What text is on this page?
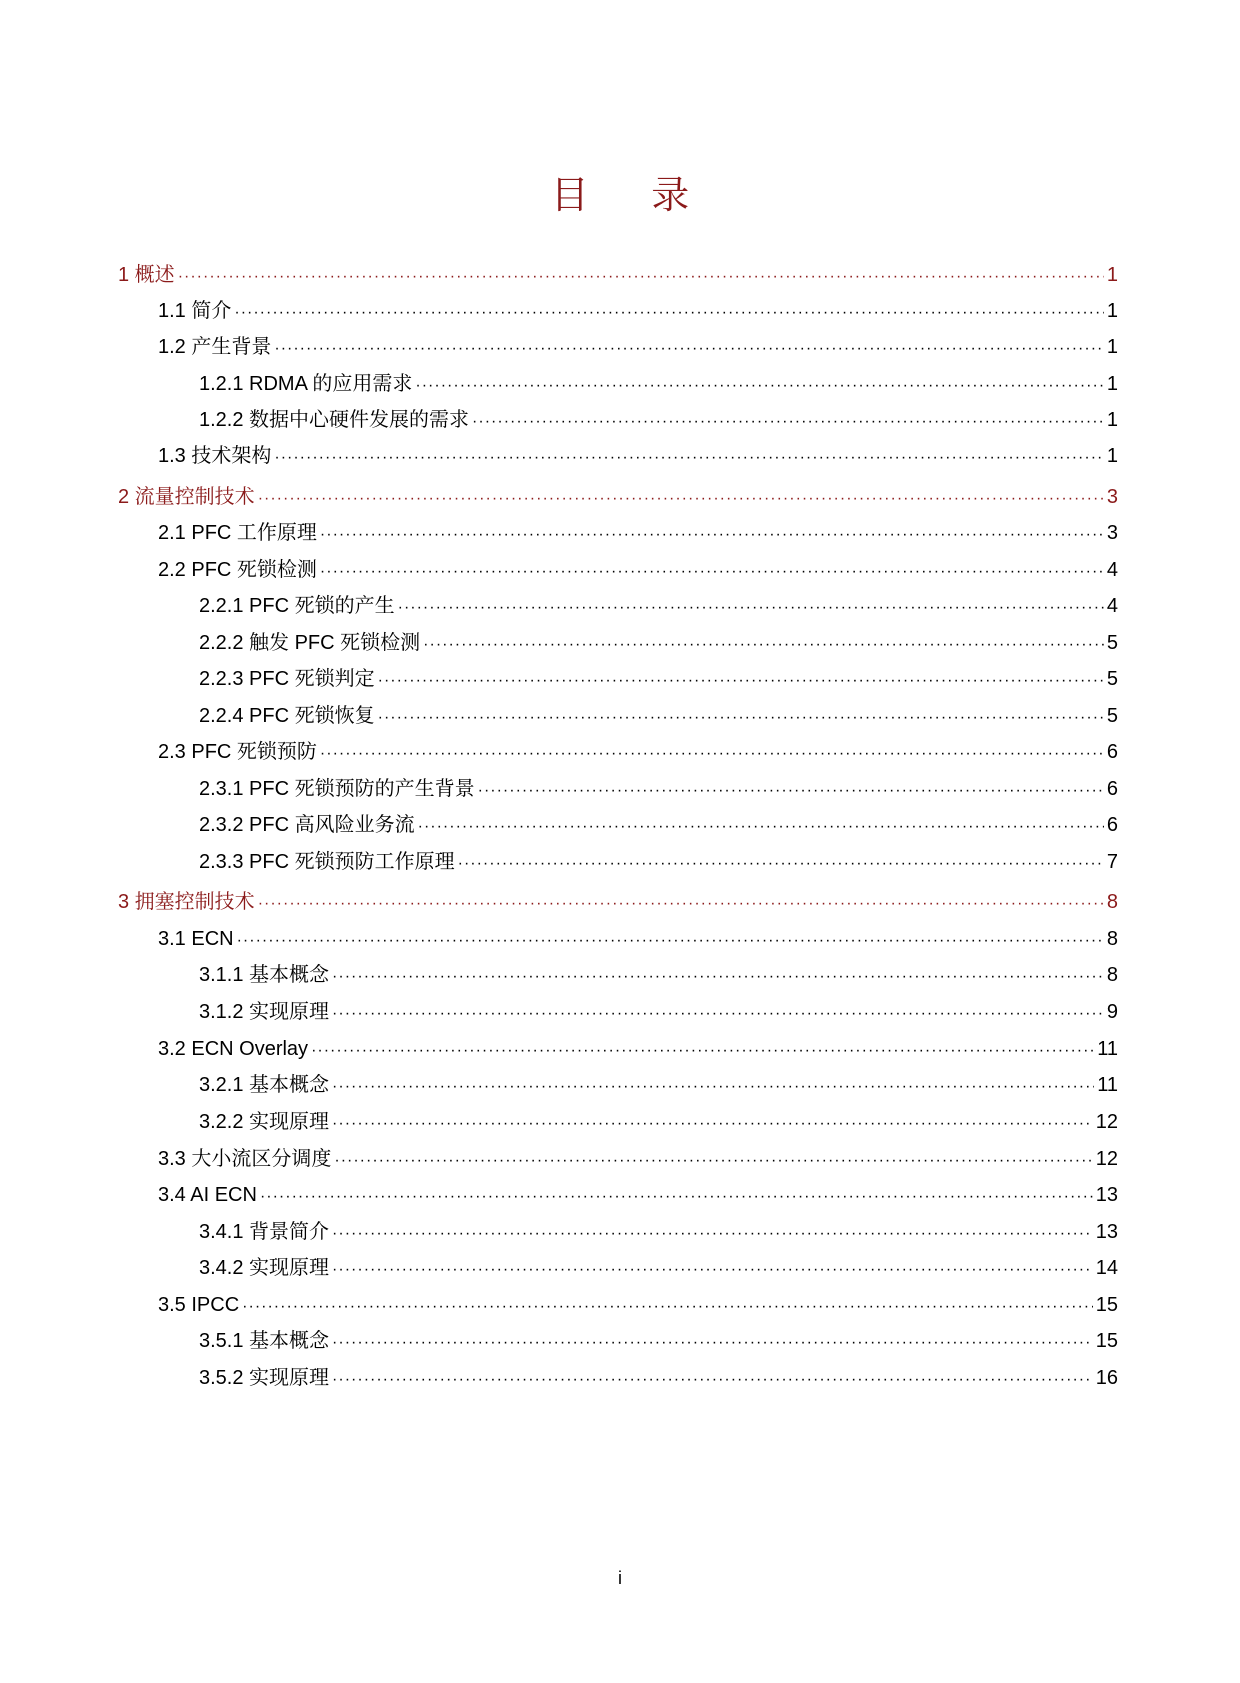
目 录
1 概述 ·····	1
1.1 简介 ·····	1
1.2 产生背景 ·····	1
1.2.1 RDMA 的应用需求 ·····	1
1.2.2 数据中心硬件发展的需求 ·····	1
1.3 技术架构 ·····	1
2 流量控制技术 ·····	3
2.1 PFC 工作原理 ·····	3
2.2 PFC 死锁检测 ·····	4
2.2.1 PFC 死锁的产生 ·····	4
2.2.2 触发 PFC 死锁检测 ·····	5
2.2.3 PFC 死锁判定 ·····	5
2.2.4 PFC 死锁恢复 ·····	5
2.3 PFC 死锁预防 ·····	6
2.3.1 PFC 死锁预防的产生背景 ·····	6
2.3.2 PFC 高风险业务流 ·····	6
2.3.3 PFC 死锁预防工作原理 ·····	7
3 拥塞控制技术 ·····	8
3.1 ECN ·····	8
3.1.1 基本概念 ·····	8
3.1.2 实现原理 ·····	9
3.2 ECN Overlay ·····	11
3.2.1 基本概念 ·····	11
3.2.2 实现原理 ·····	12
3.3 大小流区分调度 ·····	12
3.4 AI ECN ·····	13
3.4.1 背景简介 ·····	13
3.4.2 实现原理 ·····	14
3.5 IPCC ·····	15
3.5.1 基本概念 ·····	15
3.5.2 实现原理 ·····	16
i
